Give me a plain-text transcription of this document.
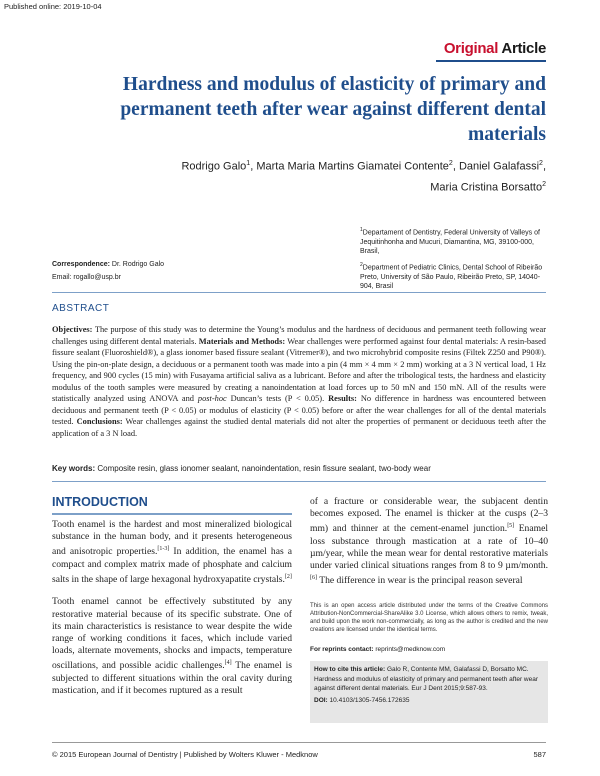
Published online: 2019-10-04
Original Article
Hardness and modulus of elasticity of primary and permanent teeth after wear against different dental materials
Rodrigo Galo$^1$, Marta Maria Martins Giamatei Contente$^2$, Daniel Galafassi$^2$,
Maria Cristina Borsatto$^2$

$^1$Departament of Dentistry, Federal University of Valleys of Jequitinhonha and Mucuri, Diamantina, MG, 39100-000, Brasil,

$^2$Department of Pediatric Clinics, Dental School of Ribeirão Preto, University of São Paulo, Ribeirão Preto, SP, 14040-904, Brasil

Correspondence: Dr. Rodrigo Galo
Email: rogallo@usp.br
ABSTRACT

Objectives: The purpose of this study was to determine the Young’s modulus and the hardness of deciduous and permanent teeth following wear challenges using different dental materials. Materials and Methods: Wear challenges were performed against four dental materials: A resin-based fissure sealant (Fluoroshield®), a glass ionomer based fissure sealant (Vitremer®), and two microhybrid composite resins (Filtek Z250 and P90®). Using the pin-on-plate design, a deciduous or a permanent tooth was made into a pin (4 mm × 4 mm × 2 mm) working at a 3 N vertical load, 1 Hz frequency, and 900 cycles (15 min) with Fusayama artificial saliva as a lubricant. Before and after the tribological tests, the hardness and elasticity modulus of the tooth samples were measured by creating a nanoindentation at load forces up to 50 mN and 150 mN. All of the results were statistically analyzed using ANOVA and post-hoc Duncan’s tests (P < 0.05). Results: No difference in hardness was encountered between deciduous and permanent teeth (P < 0.05) or modulus of elasticity (P < 0.05) before or after the wear challenges for all of the dental materials tested. Conclusions: Wear challenges against the studied dental materials did not alter the properties of permanent or deciduous teeth after the application of a 3 N load.

Key words: Composite resin, glass ionomer sealant, nanoindentation, resin fissure sealant, two-body wear
INTRODUCTION

Tooth enamel is the hardest and most mineralized biological substance in the human body, and it presents heterogeneous and anisotropic properties.[1-3] In addition, the enamel has a compact and complex matrix made of phosphate and calcium salts in the shape of large hexagonal hydroxyapatite crystals.[2]

Tooth enamel cannot be effectively substituted by any restorative material because of its specific substrate. One of its main characteristics is resistance to wear despite the wide range of working conditions it faces, which include varied loads, alternate movements, shocks and impacts, temperature oscillations, and possible acidic challenges.[4] The enamel is subjected to different situations within the oral cavity during mastication, and if it becomes ruptured as a result

of a fracture or considerable wear, the subjacent dentin becomes exposed. The enamel is thicker at the cusps (2–3 mm) and thinner at the cement-enamel junction.[5] Enamel loss substance through mastication at a rate of 10–40 µm/year, while the mean wear for dental restorative materials under varied clinical situations ranges from 8 to 9 µm/month.[6] The difference in wear is the principal reason several

This is an open access article distributed under the terms of the Creative Commons Attribution-NonCommercial-ShareAlike 3.0 License, which allows others to remix, tweak, and build upon the work non-commercially, as long as the author is credited and the new creations are licensed under the identical terms.
For reprints contact: reprints@medknow.com
How to cite this article: Galo R, Contente MM, Galafassi D, Borsatto MC. Hardness and modulus of elasticity of primary and permanent teeth after wear against different dental materials. Eur J Dent 2015;9:587-93.
DOI: 10.4103/1305-7456.172635
© 2015 European Journal of Dentistry | Published by Wolters Kluwer - Medknow	587
